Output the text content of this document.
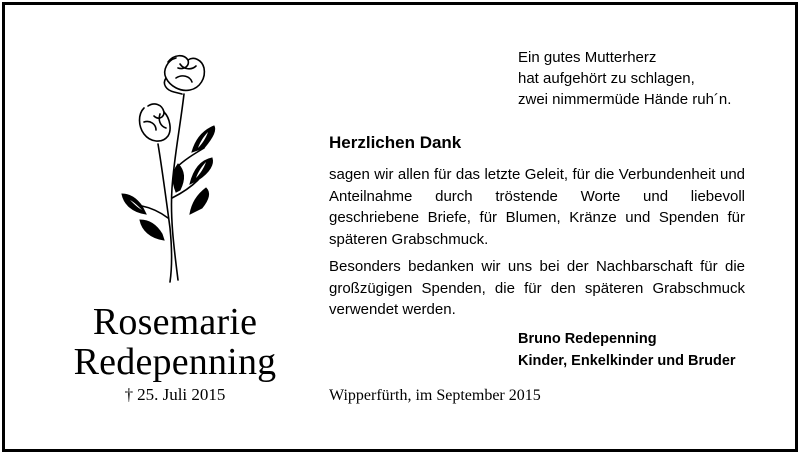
Rosemarie
Redepenning
† 25. Juli 2015
Ein gutes Mutterherz
hat aufgehört zu schlagen,
zwei nimmermüde Hände ruh´n.
Herzlichen Dank

sagen wir allen für das letzte Geleit, für die Verbundenheit und Anteilnahme durch tröstende Worte und liebevoll geschriebene Briefe, für Blumen, Kränze und Spenden für späteren Grabschmuck.

Besonders bedanken wir uns bei der Nachbarschaft für die großzügigen Spenden, die für den späteren Grabschmuck verwendet werden.

Bruno Redepenning
Kinder, Enkelkinder und Bruder
Wipperfürth, im September 2015
